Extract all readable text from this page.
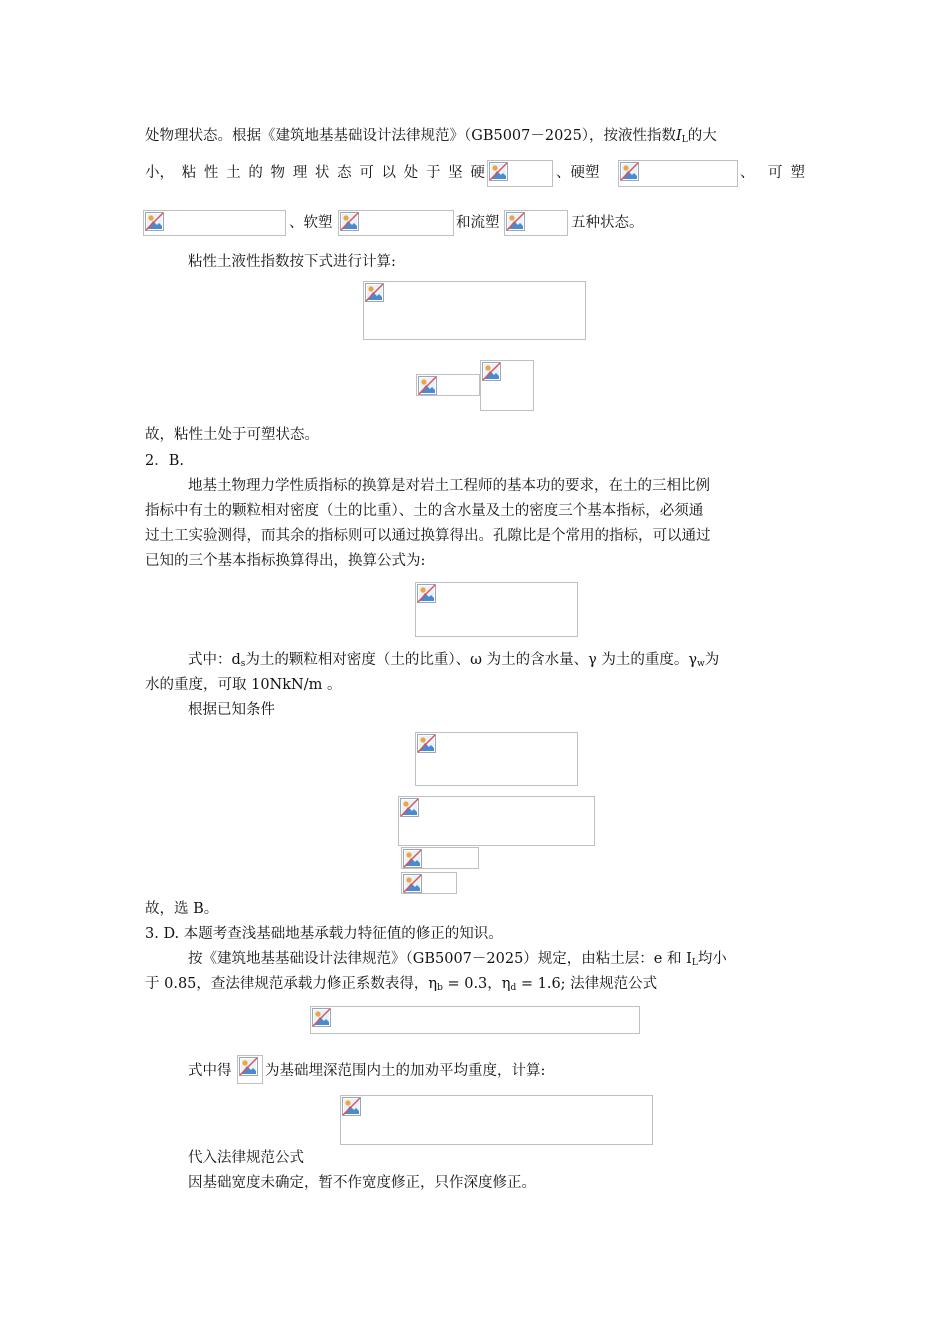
处物理状态。根据《建筑地基基础设计法律规范》（GB5007－2025），按液性指数$I_L$的大
小， 粘 性 土 的 物 理 状 态 可 以 处 于 坚 硬	、硬塑	、 可塑
、软塑	和流塑	五种状态。
粘性土液性指数按下式进行计算:
故，粘性土处于可塑状态。
2．B.
地基土物理力学性质指标的换算是对岩土工程师的基本功的要求，在土的三相比例
指标中有土的颗粒相对密度（土的比重）、土的含水量及土的密度三个基本指标，必须通
过土工实验测得，而其余的指标则可以通过换算得出。孔隙比是个常用的指标，可以通过
已知的三个基本指标换算得出，换算公式为:
式中：$d_s$为土的颗粒相对密度（土的比重）、ω 为土的含水量、γ 为土的重度。$\gamma_w$为
水的重度，可取 10NkN/m 。
根据已知条件
故，选 B。
3. D. 本题考查浅基础地基承载力特征值的修正的知识。
按《建筑地基基础设计法律规范》（GB5007－2025）规定，由粘土层：e 和 $I_L$均小
于 0.85，查法律规范承载力修正系数表得，$\eta_b = 0.3$，$\eta_d = 1.6$; 法律规范公式
式中得 为基础埋深范围内土的加劝平均重度，计算:
代入法律规范公式
因基础宽度未确定，暂不作宽度修正，只作深度修正。
